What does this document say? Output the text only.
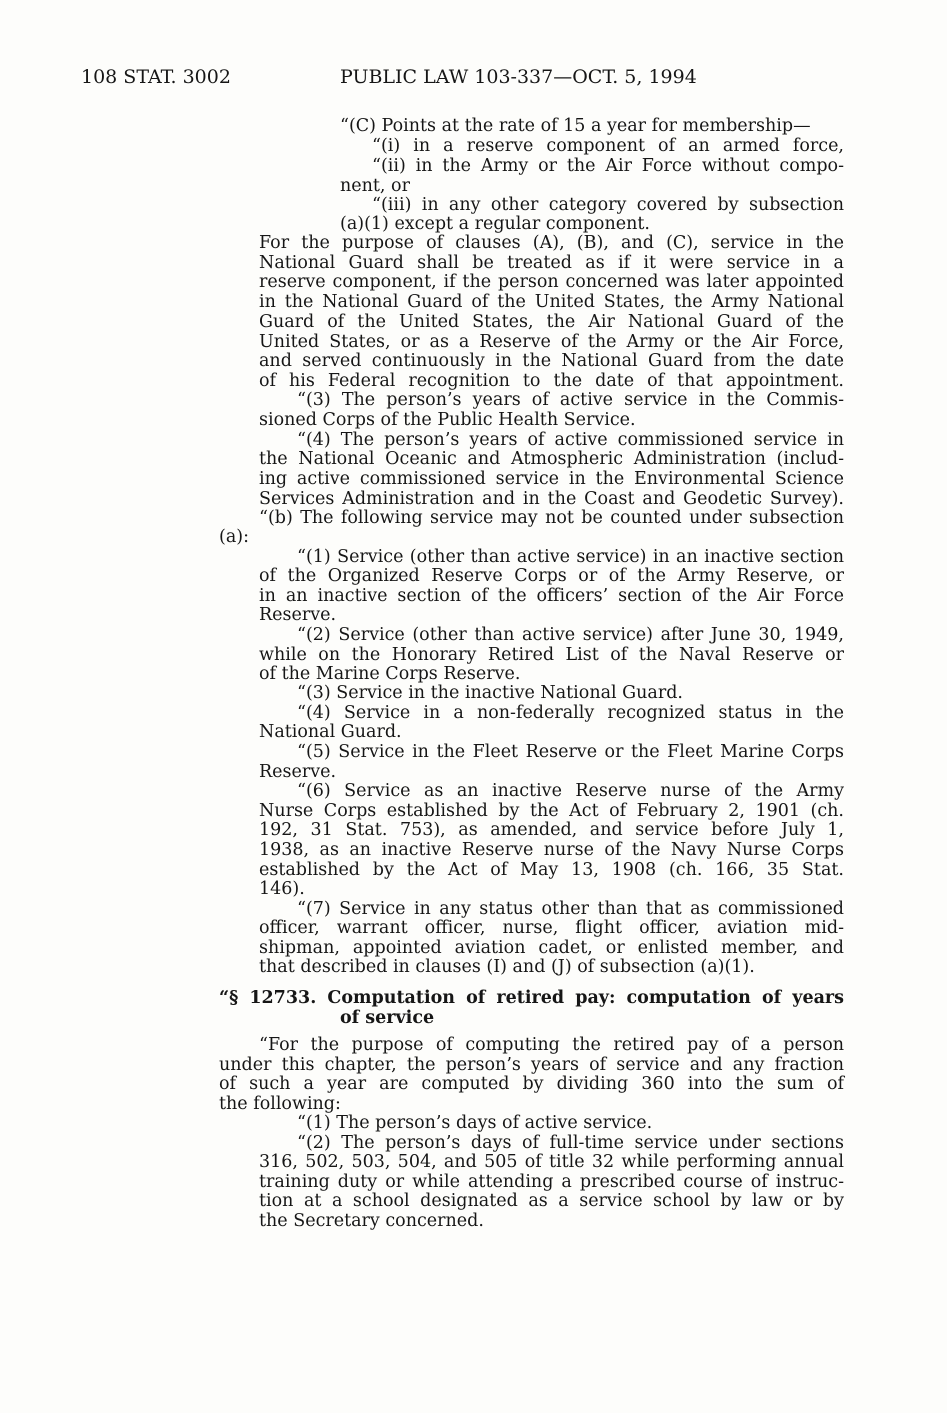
108 STAT. 3002	PUBLIC LAW 103-337—OCT. 5, 1994
“(C) Points at the rate of 15 a year for membership—
“(i) in a reserve component of an armed force,
“(ii) in the Army or the Air Force without compo-
nent, or
“(iii) in any other category covered by subsection
(a)(1) except a regular component.
For the purpose of clauses (A), (B), and (C), service in the
National Guard shall be treated as if it were service in a
reserve component, if the person concerned was later appointed
in the National Guard of the United States, the Army National
Guard of the United States, the Air National Guard of the
United States, or as a Reserve of the Army or the Air Force,
and served continuously in the National Guard from the date
of his Federal recognition to the date of that appointment.
“(3) The person’s years of active service in the Commis-
sioned Corps of the Public Health Service.
“(4) The person’s years of active commissioned service in
the National Oceanic and Atmospheric Administration (includ-
ing active commissioned service in the Environmental Science
Services Administration and in the Coast and Geodetic Survey).
“(b) The following service may not be counted under subsection
(a):
“(1) Service (other than active service) in an inactive section
of the Organized Reserve Corps or of the Army Reserve, or
in an inactive section of the officers’ section of the Air Force
Reserve.
“(2) Service (other than active service) after June 30, 1949,
while on the Honorary Retired List of the Naval Reserve or
of the Marine Corps Reserve.
“(3) Service in the inactive National Guard.
“(4) Service in a non-federally recognized status in the
National Guard.
“(5) Service in the Fleet Reserve or the Fleet Marine Corps
Reserve.
“(6) Service as an inactive Reserve nurse of the Army
Nurse Corps established by the Act of February 2, 1901 (ch.
192, 31 Stat. 753), as amended, and service before July 1,
1938, as an inactive Reserve nurse of the Navy Nurse Corps
established by the Act of May 13, 1908 (ch. 166, 35 Stat.
146).
“(7) Service in any status other than that as commissioned
officer, warrant officer, nurse, flight officer, aviation mid-
shipman, appointed aviation cadet, or enlisted member, and
that described in clauses (I) and (J) of subsection (a)(1).
“§ 12733. Computation of retired pay: computation of years
of service
“For the purpose of computing the retired pay of a person
under this chapter, the person’s years of service and any fraction
of such a year are computed by dividing 360 into the sum of
the following:
“(1) The person’s days of active service.
“(2) The person’s days of full-time service under sections
316, 502, 503, 504, and 505 of title 32 while performing annual
training duty or while attending a prescribed course of instruc-
tion at a school designated as a service school by law or by
the Secretary concerned.
